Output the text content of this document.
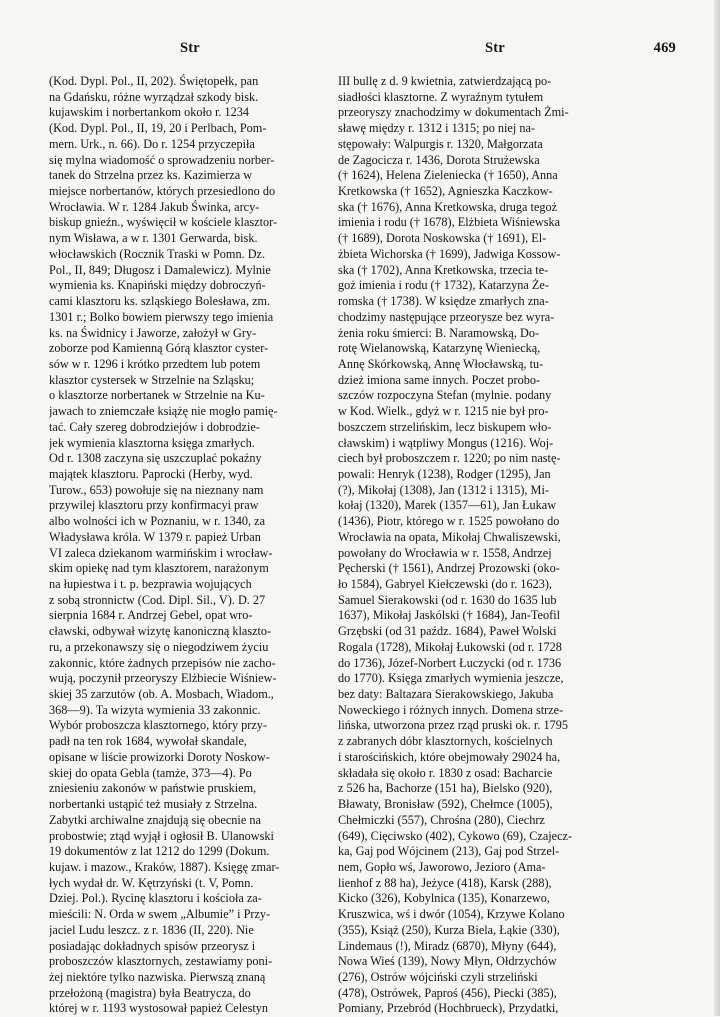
Str	Str	469
(Kod. Dypl. Pol., II, 202). Świętopełk, pan
na Gdańsku, różne wyrządzał szkody bisk.
kujawskim i norbertankom około r. 1234
(Kod. Dypl. Pol., II, 19, 20 i Perlbach, Pom-
mern. Urk., n. 66). Do r. 1254 przyczepiła
się mylna wiadomość o sprowadzeniu norber-
tanek do Strzelna przez ks. Kazimierza w
miejsce norbertanów, których przesiedlono do
Wrocławia. W r. 1284 Jakub Świnka, arcy-
biskup gnieźn., wyświęcił w kościele klasztor-
nym Wisława, a w r. 1301 Gerwarda, bisk.
włocławskich (Rocznik Traski w Pomn. Dz.
Pol., II, 849; Długosz i Damalewicz). Mylnie
wymienia ks. Knapiński między dobroczyń-
cami klasztoru ks. szląskiego Bolesława, zm.
1301 r.; Bolko bowiem pierwszy tego imienia
ks. na Świdnicy i Jaworze, założył w Gry-
zoborze pod Kamienną Górą klasztor cyster-
sów w r. 1296 i krótko przedtem lub potem
klasztor cystersek w Strzelnie na Szląsku;
o klasztorze norbertanek w Strzelnie na Ku-
jawach to zniemczałe książę nie mogło pamię-
tać. Cały szereg dobrodziejów i dobrodzie-
jek wymienia klasztorna księga zmarłych.
Od r. 1308 zaczyna się uszczuplać pokaźny
majątek klasztoru. Paprocki (Herby, wyd.
Turow., 653) powołuje się na nieznany nam
przywilej klasztoru przy konfirmacyi praw
albo wolności ich w Poznaniu, w r. 1340, za
Władysława króla. W 1379 r. papież Urban
VI zaleca dziekanom warmińskim i wrocław-
skim opiekę nad tym klasztorem, narażonym
na łupiestwa i t. p. bezprawia wojujących
z sobą stronnictw (Cod. Dipl. Sil., V). D. 27
sierpnia 1684 r. Andrzej Gebel, opat wro-
cławski, odbywał wizytę kanoniczną klaszto-
ru, a przekonawszy się o niegodziwem życiu
zakonnic, które żadnych przepisów nie zacho-
wują, poczynił przeoryszy Elżbiecie Wiśniew-
skiej 35 zarzutów (ob. A. Mosbach, Wiadom.,
368—9). Ta wizyta wymienia 33 zakonnic.
Wybór proboszcza klasztornego, który przy-
padł na ten rok 1684, wywołał skandale,
opisane w liście prowizorki Doroty Noskow-
skiej do opata Gebla (tamże, 373—4). Po
zniesieniu zakonów w państwie pruskiem,
norbertanki ustąpić też musiały z Strzelna.
Zabytki archiwalne znajdują się obecnie na
probostwie; ztąd wyjął i ogłosił B. Ulanowski
19 dokumentów z lat 1212 do 1299 (Dokum.
kujaw. i mazow., Kraków, 1887). Księgę zmar-
łych wydał dr. W. Kętrzyński (t. V, Pomn.
Dziej. Pol.). Rycinę klasztoru i kościoła za-
mieścili: N. Orda w swem „Albumie” i Przy-
jaciel Ludu leszcz. z r. 1836 (II, 220). Nie
posiadając dokładnych spisów przeorysz i
proboszczów klasztornych, zestawiamy poni-
żej niektóre tylko nazwiska. Pierwszą znaną
przełożoną (magistra) była Beatrycza, do
której w r. 1193 wystosował papież Celestyn
III bullę z d. 9 kwietnia, zatwierdzającą po-
siadłości klasztorne. Z wyraźnym tytułem
przeoryszy znachodzimy w dokumentach Żmi-
sławę między r. 1312 i 1315; po niej na-
stępowały: Walpurgis r. 1320, Małgorzata
de Zagocicza r. 1436, Dorota Strużewska
(† 1624), Helena Zieleniecka († 1650), Anna
Kretkowska († 1652), Agnieszka Kaczkow-
ska († 1676), Anna Kretkowska, druga tegoż
imienia i rodu († 1678), Elżbieta Wiśniewska
(† 1689), Dorota Noskowska († 1691), El-
żbieta Wichorska († 1699), Jadwiga Kossow-
ska († 1702), Anna Kretkowska, trzecia te-
goż imienia i rodu († 1732), Katarzyna Że-
romska († 1738). W księdze zmarłych zna-
chodzimy następujące przeorysze bez wyra-
żenia roku śmierci: B. Naramowską, Do-
rotę Wielanowską, Katarzynę Wieniecką,
Annę Skórkowską, Annę Włocławską, tu-
dzież imiona same innych. Poczet probo-
szczów rozpoczyna Stefan (mylnie. podany
w Kod. Wielk., gdyż w r. 1215 nie był pro-
boszczem strzelińskim, lecz biskupem wło-
cławskim) i wątpliwy Mongus (1216). Woj-
ciech był proboszczem r. 1220; po nim nastę-
powali: Henryk (1238), Rodger (1295), Jan
(?), Mikołaj (1308), Jan (1312 i 1315), Mi-
kołaj (1320), Marek (1357—61), Jan Łukaw
(1436), Piotr, którego w r. 1525 powołano do
Wrocławia na opata, Mikołaj Chwaliszewski,
powołany do Wrocławia w r. 1558, Andrzej
Pęcherski († 1561), Andrzej Prozowski (oko-
ło 1584), Gabryel Kiełczewski (do r. 1623),
Samuel Sierakowski (od r. 1630 do 1635 lub
1637), Mikołaj Jaskólski († 1684), Jan-Teofil
Grzębski (od 31 paźdz. 1684), Paweł Wolski
Rogala (1728), Mikołaj Łukowski (od r. 1728
do 1736), Józef-Norbert Łuczycki (od r. 1736
do 1770). Księga zmarłych wymienia jeszcze,
bez daty: Baltazara Sierakowskiego, Jakuba
Noweckiego i różnych innych. Domena strze-
lińska, utworzona przez rząd pruski ok. r. 1795
z zabranych dóbr klasztornych, kościelnych
i starościńskich, które obejmowały 29024 ha,
składała się około r. 1830 z osad: Bacharcie
z 526 ha, Bachorze (151 ha), Bielsko (920),
Bławaty, Bronisław (592), Chełmce (1005),
Chełmiczki (557), Chrośna (280), Ciechrz
(649), Cięciwsko (402), Cykowo (69), Czajecz-
ka, Gaj pod Wójcinem (213), Gaj pod Strzel-
nem, Gopło wś, Jaworowo, Jezioro (Ama-
lienhof z 88 ha), Jeżyce (418), Karsk (288),
Kicko (326), Kobylnica (135), Konarzewo,
Kruszwica, wś i dwór (1054), Krzywe Kolano
(355), Książ (250), Kurza Biela, Łąkie (330),
Lindemaus (!), Miradz (6870), Młyny (644),
Nowa Wieś (139), Nowy Młyn, Ołdrzychów
(276), Ostrów wójciński czyli strzeliński
(478), Ostrówek, Paproś (456), Piecki (385),
Pomiany, Przebród (Hochbrueck), Przydatki,
